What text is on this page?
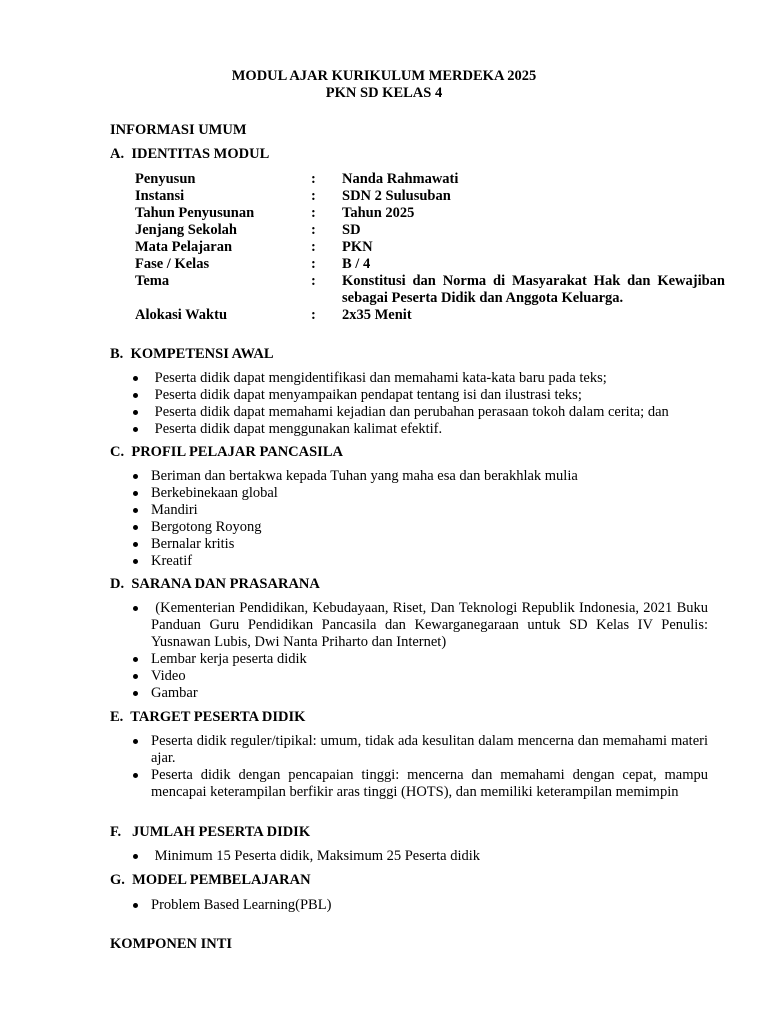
MODUL AJAR KURIKULUM MERDEKA 2025
PKN SD KELAS 4
INFORMASI UMUM
A.  IDENTITAS MODUL
Penyusun	:	Nanda Rahmawati
Instansi	:	SDN 2 Sulusuban
Tahun Penyusunan	:	Tahun 2025
Jenjang Sekolah	:	SD
Mata Pelajaran	:	PKN
Fase / Kelas	:	B / 4
Tema	:	Konstitusi dan Norma di Masyarakat Hak dan Kewajiban sebagai Peserta Didik dan Anggota Keluarga.
Alokasi Waktu	:	2x35 Menit
B.  KOMPETENSI AWAL
Peserta didik dapat mengidentifikasi dan memahami kata-kata baru pada teks;
Peserta didik dapat menyampaikan pendapat tentang isi dan ilustrasi teks;
Peserta didik dapat memahami kejadian dan perubahan perasaan tokoh dalam cerita; dan
Peserta didik dapat menggunakan kalimat efektif.
C.  PROFIL PELAJAR PANCASILA
Beriman dan bertakwa kepada Tuhan yang maha esa dan berakhlak mulia
Berkebinekaan global
Mandiri
Bergotong Royong
Bernalar kritis
Kreatif
D.  SARANA DAN PRASARANA
(Kementerian Pendidikan, Kebudayaan, Riset, Dan Teknologi Republik Indonesia, 2021 Buku Panduan Guru Pendidikan Pancasila dan Kewarganegaraan untuk SD Kelas IV Penulis: Yusnawan Lubis, Dwi Nanta Priharto dan Internet)
Lembar kerja peserta didik
Video
Gambar
E.  TARGET PESERTA DIDIK
Peserta didik reguler/tipikal: umum, tidak ada kesulitan dalam mencerna dan memahami materi ajar.
Peserta didik dengan pencapaian tinggi: mencerna dan memahami dengan cepat, mampu mencapai keterampilan berfikir aras tinggi (HOTS), dan memiliki keterampilan memimpin
F.   JUMLAH PESERTA DIDIK
Minimum 15 Peserta didik, Maksimum 25 Peserta didik
G.  MODEL PEMBELAJARAN
Problem Based Learning(PBL)
KOMPONEN INTI
